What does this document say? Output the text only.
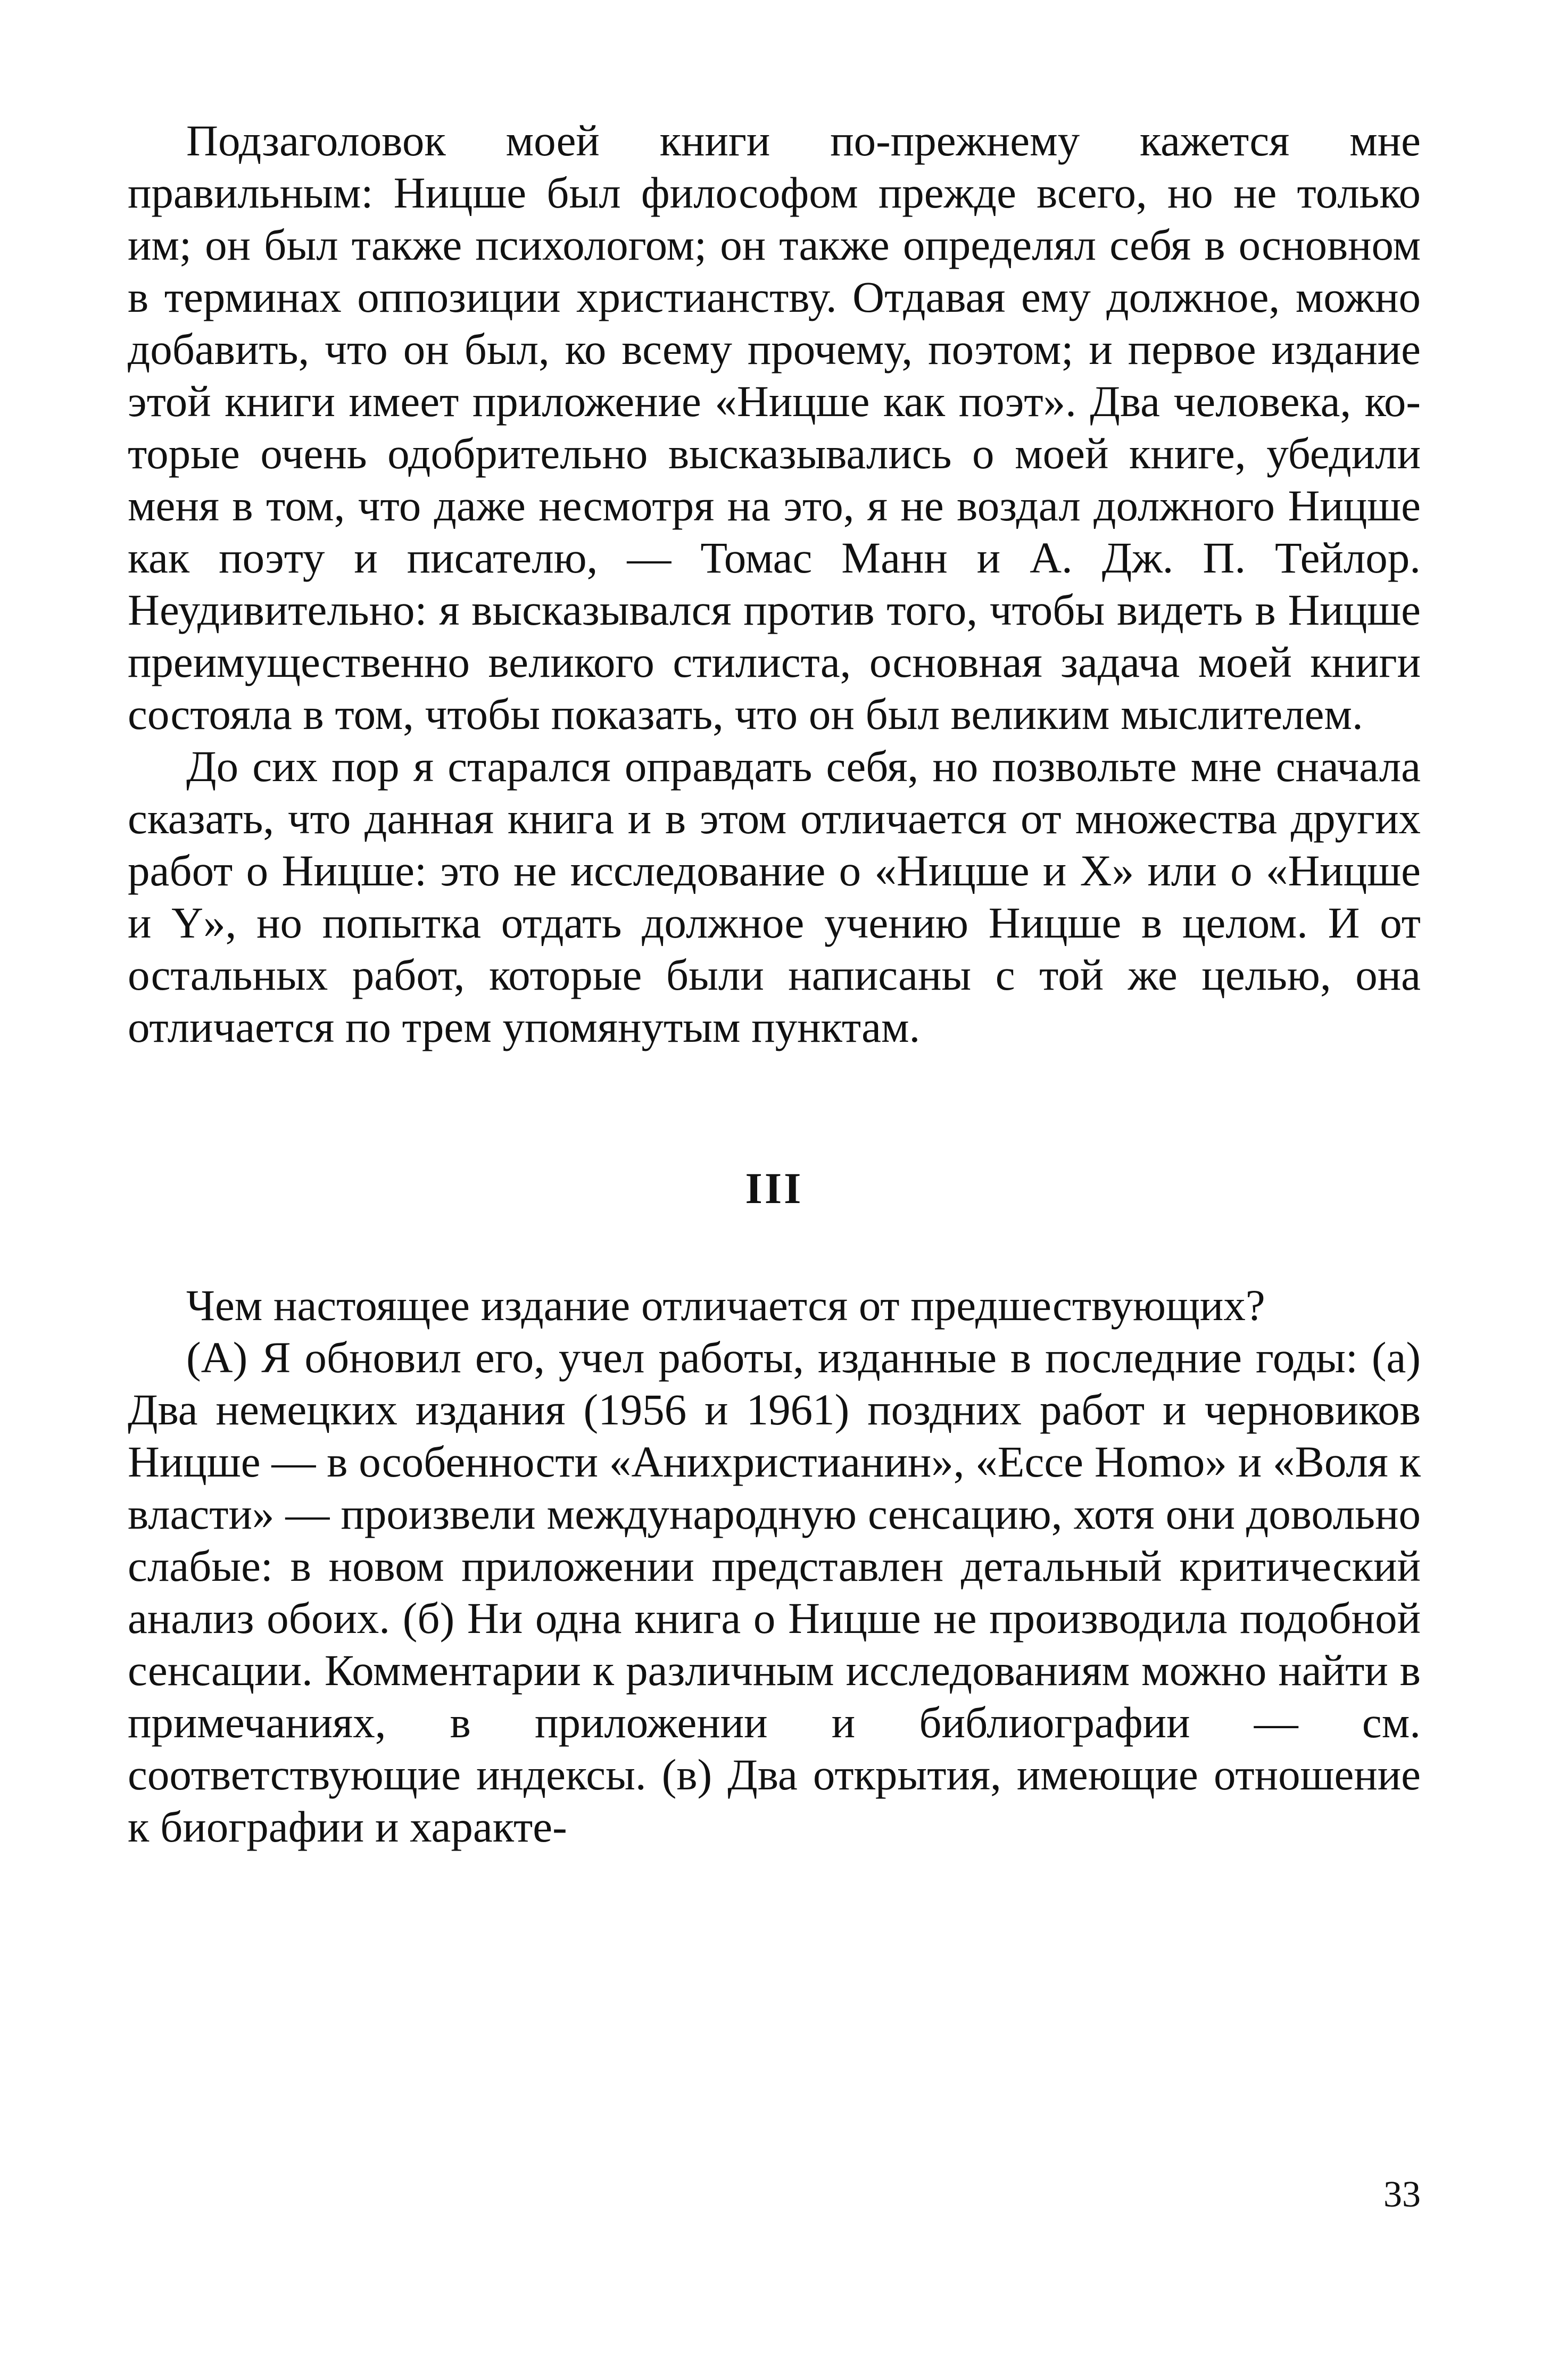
Подзаголовок моей книги по-прежнему кажется мне правильным: Ницше был философом прежде всего, но не только им; он был также психологом; он также определял себя в основном в терминах оппозиции христианству. Отдавая ему должное, можно добавить, что он был, ко всему прочему, поэтом; и первое издание этой книги имеет приложение «Ницше как поэт». Два человека, которые очень одобрительно высказывались о моей книге, убедили меня в том, что даже несмотря на это, я не воздал должного Ницше как поэту и писателю, — Томас Манн и А. Дж. П. Тейлор. Неудивительно: я высказывался против того, чтобы видеть в Ницше преимущественно великого стилиста, основная задача моей книги состояла в том, чтобы показать, что он был великим мыслителем.

До сих пор я старался оправдать себя, но позвольте мне сначала сказать, что данная книга и в этом отличается от множества других работ о Ницше: это не исследование о «Ницше и X» или о «Ницше и Y», но попытка отдать должное учению Ницше в целом. И от остальных работ, которые были написаны с той же целью, она отличается по трем упомянутым пунктам.

III

Чем настоящее издание отличается от предшествующих?

(А) Я обновил его, учел работы, изданные в последние годы: (а) Два немецких издания (1956 и 1961) поздних работ и черновиков Ницше — в особенности «Анихристианин», «Ecce Homo» и «Воля к власти» — произвели международную сенсацию, хотя они довольно слабые: в новом приложении представлен детальный критический анализ обоих. (б) Ни одна книга о Ницше не производила подобной сенсации. Комментарии к различным исследованиям можно найти в примечаниях, в приложении и библиографии — см. соответствующие индексы. (в) Два открытия, имеющие отношение к биографии и характе-

33
